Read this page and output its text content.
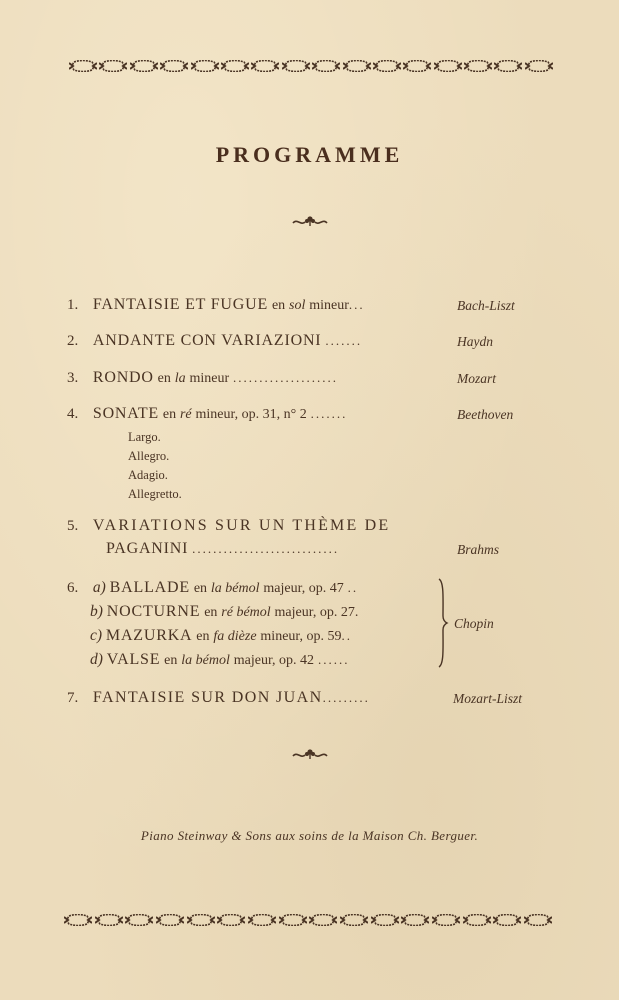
PROGRAMME
1. FANTAISIE ET FUGUE en sol mineur...	Bach-Liszt
2. ANDANTE CON VARIAZIONI .......	Haydn
3. RONDO en la mineur ....................	Mozart
4. SONATE en ré mineur, op. 31, n° 2 .......	Beethoven
Largo.
Allegro.
Adagio.
Allegretto.
5. VARIATIONS SUR UN THÈME DE
PAGANINI ............................	Brahms
6. a) BALLADE en la bémol majeur, op. 47 ..
b) NOCTURNE en ré bémol majeur, op. 27.
c) MAZURKA en fa dièze mineur, op. 59..
d) VALSE en la bémol majeur, op. 42 ......
Chopin
7. FANTAISIE SUR DON JUAN.........	Mozart-Liszt
Piano Steinway & Sons aux soins de la Maison Ch. Berguer.
